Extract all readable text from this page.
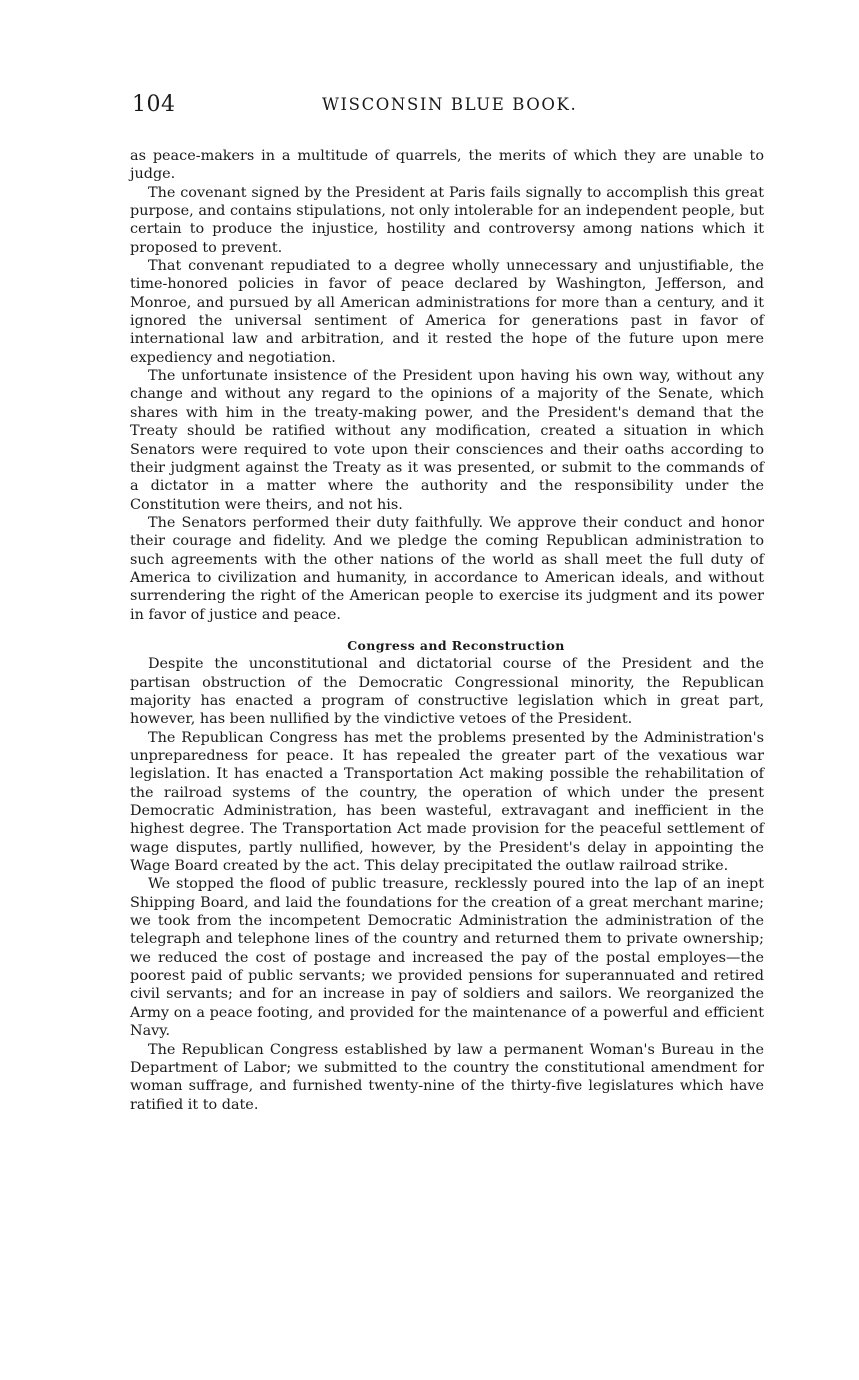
104	WISCONSIN BLUE BOOK.

as peace-makers in a multitude of quarrels, the merits of which they are unable to judge.

The covenant signed by the President at Paris fails signally to accomplish this great purpose, and contains stipulations, not only intolerable for an independent people, but certain to produce the injustice, hostility and controversy among nations which it proposed to prevent.

That convenant repudiated to a degree wholly unnecessary and unjustifiable, the time-honored policies in favor of peace declared by Washington, Jefferson, and Monroe, and pursued by all American administrations for more than a century, and it ignored the universal sentiment of America for generations past in favor of international law and arbitration, and it rested the hope of the future upon mere expediency and negotiation.

The unfortunate insistence of the President upon having his own way, without any change and without any regard to the opinions of a majority of the Senate, which shares with him in the treaty-making power, and the President's demand that the Treaty should be ratified without any modification, created a situation in which Senators were required to vote upon their consciences and their oaths according to their judgment against the Treaty as it was presented, or submit to the commands of a dictator in a matter where the authority and the responsibility under the Constitution were theirs, and not his.

The Senators performed their duty faithfully. We approve their conduct and honor their courage and fidelity. And we pledge the coming Republican administration to such agreements with the other nations of the world as shall meet the full duty of America to civilization and humanity, in accordance to American ideals, and without surrendering the right of the American people to exercise its judgment and its power in favor of justice and peace.

Congress and Reconstruction

Despite the unconstitutional and dictatorial course of the President and the partisan obstruction of the Democratic Congressional minority, the Republican majority has enacted a program of constructive legislation which in great part, however, has been nullified by the vindictive vetoes of the President.

The Republican Congress has met the problems presented by the Administration's unpreparedness for peace. It has repealed the greater part of the vexatious war legislation. It has enacted a Transportation Act making possible the rehabilitation of the railroad systems of the country, the operation of which under the present Democratic Administration, has been wasteful, extravagant and inefficient in the highest degree. The Transportation Act made provision for the peaceful settlement of wage disputes, partly nullified, however, by the President's delay in appointing the Wage Board created by the act. This delay precipitated the outlaw railroad strike.

We stopped the flood of public treasure, recklessly poured into the lap of an inept Shipping Board, and laid the foundations for the creation of a great merchant marine; we took from the incompetent Democratic Administration the administration of the telegraph and telephone lines of the country and returned them to private ownership; we reduced the cost of postage and increased the pay of the postal employes—the poorest paid of public servants; we provided pensions for superannuated and retired civil servants; and for an increase in pay of soldiers and sailors. We reorganized the Army on a peace footing, and provided for the maintenance of a powerful and efficient Navy.

The Republican Congress established by law a permanent Woman's Bureau in the Department of Labor; we submitted to the country the constitutional amendment for woman suffrage, and furnished twenty-nine of the thirty-five legislatures which have ratified it to date.
